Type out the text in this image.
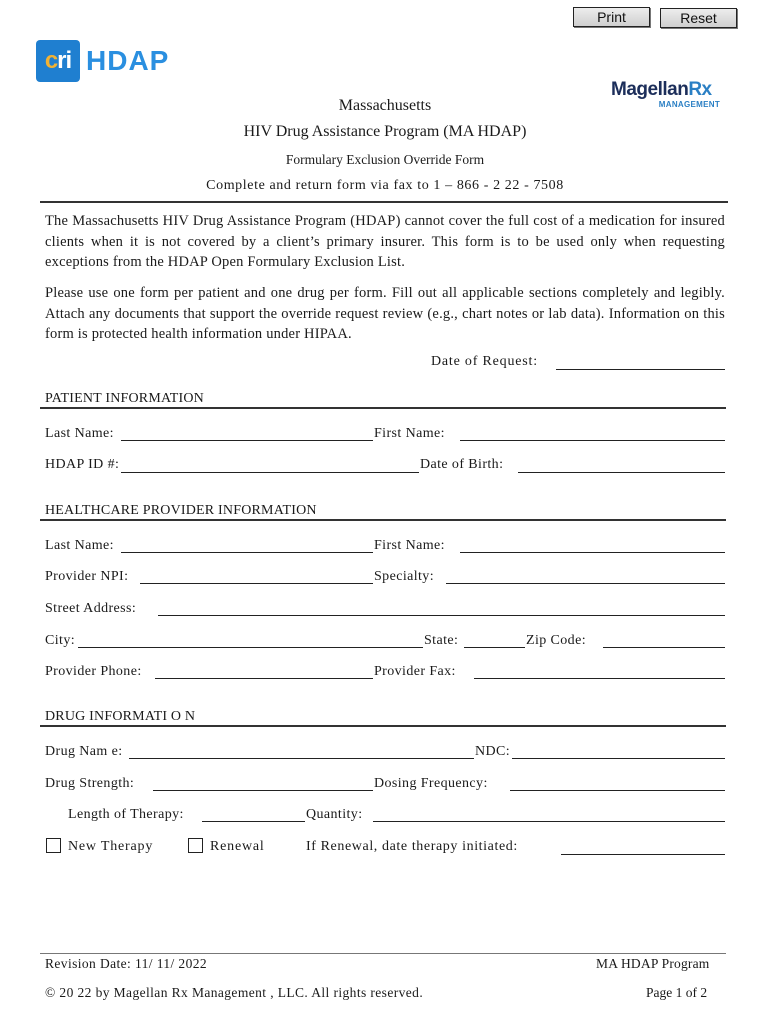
Print	Reset
c ri HDAP
MagellanRx
MANAGEMENT
Massachusetts
HIV Drug Assistance Program (MA HDAP)
Formulary Exclusion Override Form
Complete and return form via fax to 1 – 866 - 2 22 - 7508
The Massachusetts HIV Drug Assistance Program (HDAP) cannot cover the full cost of a medication for insured clients when it is not covered by a client’s primary insurer. This form is to be used only when requesting exceptions from the HDAP Open Formulary Exclusion List.
Please use one form per patient and one drug per form. Fill out all applicable sections completely and legibly. Attach any documents that support the override request review (e.g., chart notes or lab data). Information on this form is protected health information under HIPAA.
Date of Request:
PATIENT INFORMATION
Last Name:	First Name:
HDAP ID #:	Date of Birth:
HEALTHCARE PROVIDER INFORMATION
Last Name:	First Name:
Provider NPI:	Specialty:
Street Address:
City:	State:	Zip Code:
Provider Phone:	Provider Fax:
DRUG INFORMATI O N
Drug Nam e:	NDC:
Drug Strength:	Dosing Frequency:
Length of Therapy:	Quantity:
New Therapy	Renewal	If Renewal, date therapy initiated:
Revision Date: 11/ 11/ 2022	MA HDAP Program
© 20 22 by Magellan Rx Management , LLC. All rights reserved.	Page 1 of 2
